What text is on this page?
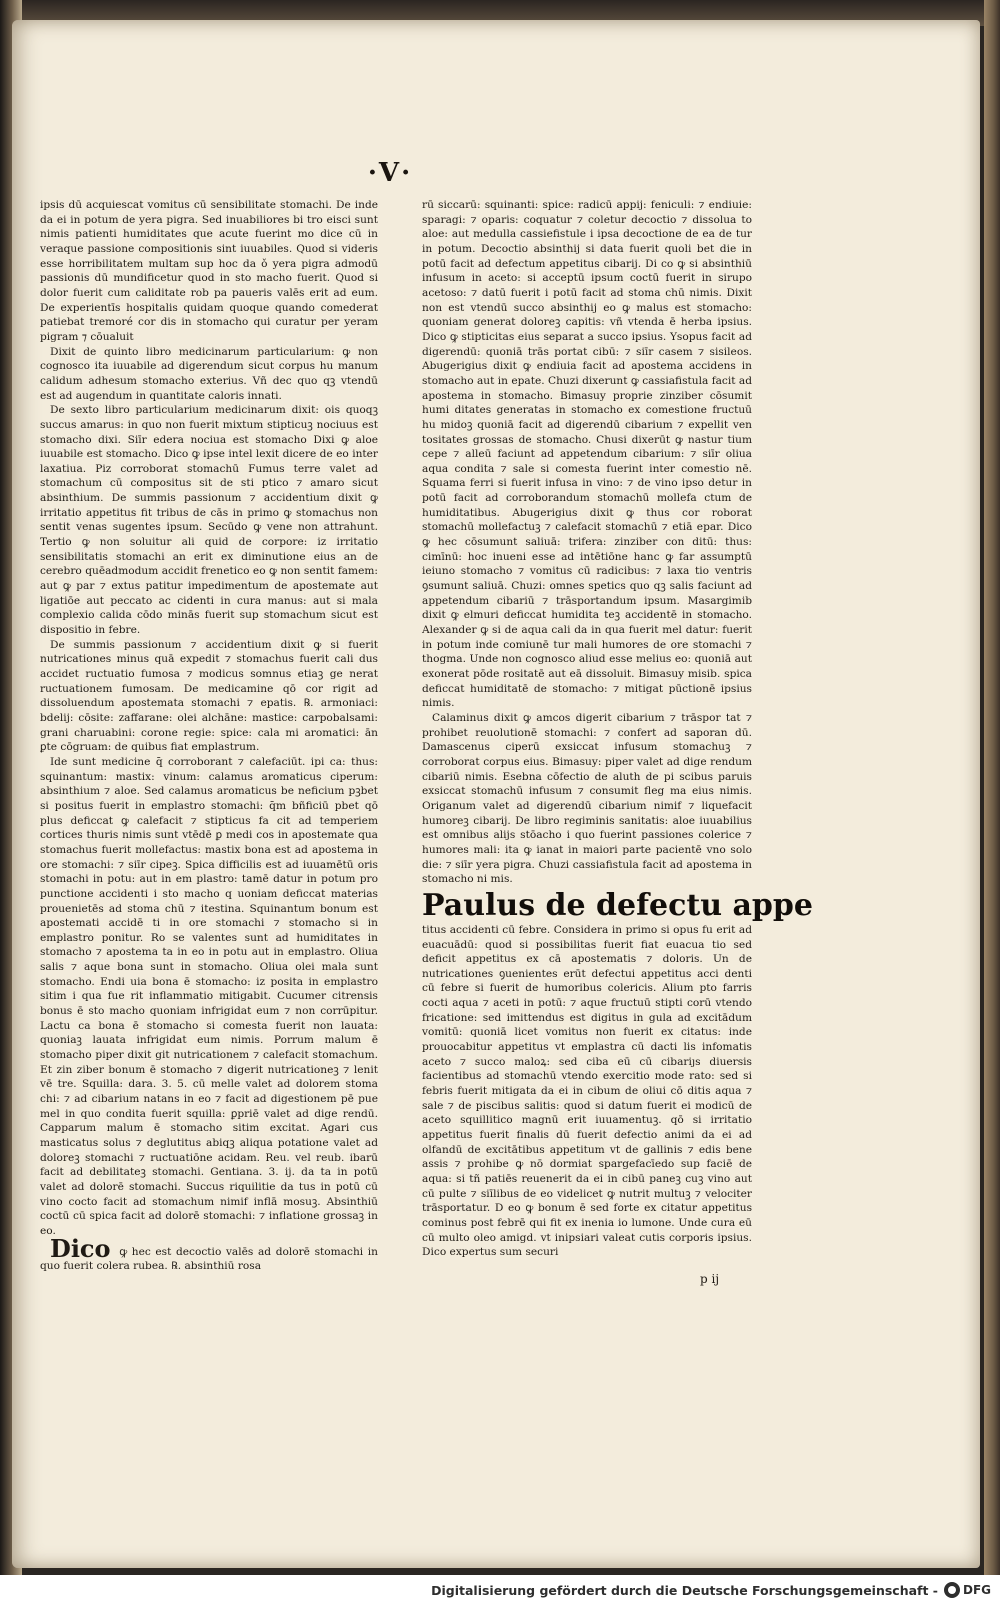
·V·

ipsis dū acquiescat vomitus cū sensibilitate stomachi. De inde da ei in potum de yera pigra. Sed inuabiliores bi tro eisci sunt nimis patienti humiditates que acute fuerint mo dice cū in veraque passione compositionis sint iuuabiles. Quod si videris esse horribilitatem multam sup hoc da ǒ yera pigra admodū passionis dū mundificetur quod in sto macho fuerit. Quod si dolor fuerit cum caliditate rob pa paueris valēs erit ad eum. De experientīs hospitalis quidam quoque quando comederat patiebat tremoré cor dis in stomacho qui curatur per yeram pigram ⁊ cōualuit

Dixit de quinto libro medicinarum particularium: ꝙ non cognosco ita iuuabile ad digerendum sicut corpus hu manum calidum adhesum stomacho exterius. Vñ dec quo qꝫ vtendū est ad augendum in quantitate caloris innati.

De sexto libro particularium medicinarum dixit: ois quoqꝫ succus amarus: in quo non fuerit mixtum stipticuꝫ nociuus est stomacho dixi. Siīr edera nociua est stomacho Dixi ꝙ aloe iuuabile est stomacho. Dico ꝙ ipse intel lexit dicere de eo inter laxatiua. Piz corroborat stomachū Fumus terre valet ad stomachum cū compositus sit de sti ptico ⁊ amaro sicut absinthium. De summis passionum ⁊ accidentium dixit ꝙ irritatio appetitus fit tribus de cās in primo ꝙ stomachus non sentit venas sugentes ipsum. Secūdo ꝙ vene non attrahunt. Tertio ꝙ non soluitur ali quid de corpore: iz irritatio sensibilitatis stomachi an erit ex diminutione eius an de cerebro quēadmodum accidit frenetico eo ꝙ non sentit famem: aut ꝙ par ⁊ extus patitur impedimentum de apostemate aut ligatiōe aut peccato ac cidenti in cura manus: aut si mala complexio calida cōdo minās fuerit sup stomachum sicut est dispositio in febre.

De summis passionum ⁊ accidentium dixit ꝙ si fuerit nutricationes minus quā expedit ⁊ stomachus fuerit cali dus accidet ructuatio fumosa ⁊ modicus somnus etiaꝫ ge nerat ructuationem fumosam. De medicamine qō cor rigit ad dissoluendum apostemata stomachi ⁊ epatis. ℞. armoniaci: bdelij: cōsite: zaffarane: olei alchāne: mastice: carpobalsami: grani charuabini: corone regie: spice: cala mi aromatici: ān ꝑte cōgruam: de quibus fiat emplastrum.

Ide sunt medicine q̄ corroborant ⁊ calefaciūt. ipi ca: thus: squinantum: mastix: vinum: calamus aromaticus ciperum: absinthium ⁊ aloe. Sed calamus aromaticus be neficium pꝫbet si positus fuerit in emplastro stomachi: q̄m bñficiū pbet qō plus deficcat ꝙ calefacit ⁊ stipticus fa cit ad temperiem cortices thuris nimis sunt vtēdē ꝑ medi cos in apostemate qua stomachus fuerit mollefactus: mastix bona est ad apostema in ore stomachi: ⁊ siīr cipeꝫ. Spica difficilis est ad iuuamētū oris stomachi in potu: aut in em plastro: tamē datur in potum pro punctione accidenti i sto macho q uoniam deficcat materias prouenietēs ad stoma chū ⁊ itestina. Squinantum bonum est apostemati accidē ti in ore stomachi ⁊ stomacho si in emplastro ponitur. Ro se valentes sunt ad humiditates in stomacho ⁊ apostema ta in eo in potu aut in emplastro. Oliua salis ⁊ aque bona sunt in stomacho. Oliua olei mala sunt stomacho. Endi uia bona ē stomacho: iz posita in emplastro sitim i qua fue rit inflammatio mitigabit. Cucumer citrensis bonus ē sto macho quoniam infrigidat eum ⁊ non corrūpitur. Lactu ca bona ē stomacho si comesta fuerit non lauata: quoniaꝫ lauata infrigidat eum nimis. Porrum malum ē stomacho piper dixit git nutricationem ⁊ calefacit stomachum. Et zin ziber bonum ē stomacho ⁊ digerit nutricationeꝫ ⁊ lenit vē tre. Squilla: dara. 3. 5. cū melle valet ad dolorem stoma chi: ⁊ ad cibarium natans in eo ⁊ facit ad digestionem pē pue mel in quo condita fuerit squilla: ꝑpriē valet ad dige rendū. Capparum malum ē stomacho sitim excitat. Agari cus masticatus solus ⁊ deglutitus abiqꝫ aliqua potatione valet ad doloreꝫ stomachi ⁊ ructuatiōne acidam. Reu. vel reub. ibarū facit ad debilitateꝫ stomachi. Gentiana. 3. ij. da ta in potū valet ad dolorē stomachi. Succus riquilitie da tus in potū cū vino cocto facit ad stomachum nimif inflā mosuꝫ. Absinthiū coctū cū spica facit ad dolorē stomachi: ⁊ inflatione grossaꝫ in eo.

Dico ꝙ hec est decoctio valēs ad dolorē stomachi in quo fuerit colera rubea. ℞. absinthiū rosa

rū siccarū: squinanti: spice: radicū appij: feniculi: ⁊ endiuie: sparagi: ⁊ oparis: coquatur ⁊ coletur decoctio ⁊ dissolua to aloe: aut medulla cassiefistule i ipsa decoctione de ea de tur in potum. Decoctio absinthij si data fuerit quoli bet die in potū facit ad defectum appetitus cibarij. Di co ꝙ si absinthiū infusum in aceto: si acceptū ipsum coctū fuerit in sirupo acetoso: ⁊ datū fuerit i potū facit ad stoma chū nimis. Dixit non est vtendū succo absinthij eo ꝙ malus est stomacho: quoniam generat doloreꝫ capitis: vñ vtenda ē herba ipsius. Dico ꝙ stipticitas eius separat a succo ipsius. Ysopus facit ad digerendū: quoniā trās portat cibū: ⁊ siīr casem ⁊ sisileos. Abugerigius dixit ꝙ endiuia facit ad apostema accidens in stomacho aut in epate. Chuzi dixerunt ꝙ cassiafistula facit ad apostema in stomacho. Bimasuy proprie zinziber cōsumit humi ditates generatas in stomacho ex comestione fructuū hu midoꝫ quoniā facit ad digerendū cibarium ⁊ expellit ven tositates grossas de stomacho. Chusi dixerūt ꝙ nastur tium cepe ⁊ alleū faciunt ad appetendum cibarium: ⁊ siīr oliua aqua condita ⁊ sale si comesta fuerint inter comestio nē. Squama ferri si fuerit infusa in vino: ⁊ de vino ipso detur in potū facit ad corroborandum stomachū mollefa ctum de humiditatibus. Abugerigius dixit ꝙ thus cor roborat stomachū mollefactuꝫ ⁊ calefacit stomachū ⁊ etiā epar. Dico ꝙ hec cōsumunt saliuā: trifera: zinziber con ditū: thus: cimīnū: hoc inueni esse ad intētiōne hanc ꝙ far assumptū ieiuno stomacho ⁊ vomitus cū radicibus: ⁊ laxa tio ventris ꝯsumunt saliuā. Chuzi: omnes spetics quo qꝫ salis faciunt ad appetendum cibariū ⁊ trāsportandum ipsum. Masargimib dixit ꝙ elmuri deficcat humidita teꝫ accidentē in stomacho. Alexander ꝙ si de aqua cali da in qua fuerit mel datur: fuerit in potum inde comiunē tur mali humores de ore stomachi ⁊ thogma. Unde non cognosco aliud esse melius eo: quoniā aut exonerat pōde rositatē aut eā dissoluit. Bimasuy misib. spica deficcat humiditatē de stomacho: ⁊ mitigat pūctionē ipsius nimis.

Calaminus dixit ꝙ amcos digerit cibarium ⁊ trāspor tat ⁊ prohibet reuolutionē stomachi: ⁊ confert ad saporan dū. Damascenus ciperū exsiccat infusum stomachuꝫ ⁊ corroborat corpus eius. Bimasuy: piper valet ad dige rendum cibariū nimis. Esebna cōfectio de aluth de pi scibus paruis exsiccat stomachū infusum ⁊ consumit fleg ma eius nimis. Origanum valet ad digerendū cibarium nimif ⁊ liquefacit humoreꝫ cibarij. De libro regiminis sanitatis: aloe iuuabilius est omnibus alijs stōacho i quo fuerint passiones colerice ⁊ humores mali: ita ꝙ ianat in maiori parte pacientē vno solo die: ⁊ siīr yera pigra. Chuzi cassiafistula facit ad apostema in stomacho ni mis.

Paulus de defectu appe

titus accidenti cū febre. Considera in primo si opus fu erit ad euacuādū: quod si possibilitas fuerit fiat euacua tio sed deficit appetitus ex cā apostematis ⁊ doloris. Un de nutricationes ꝯuenientes erūt defectui appetitus acci denti cū febre si fuerit de humoribus colericis. Alium pto farris cocti aqua ⁊ aceti in potū: ⁊ aque fructuū stipti corū vtendo fricatione: sed imittendus est digitus in gula ad excitādum vomitū: quoniā licet vomitus non fuerit ex citatus: inde prouocabitur appetitus vt emplastra cū dacti lis infomatis aceto ⁊ succo maloꝝ: sed ciba eū cū cibariȷs diuersis facientibus ad stomachū vtendo exercitio mode rato: sed si febris fuerit mitigata da ei in cibum de oliui cō ditis aqua ⁊ sale ⁊ de piscibus salitis: quod si datum fuerit ei modicū de aceto squillitico magnū erit iuuamentuꝫ. qō si irritatio appetitus fuerit finalis dū fuerit defectio animi da ei ad olfandū de excitātibus appetitum vt de gallinis ⁊ edis bene assis ⁊ prohibe ꝙ nō dormiat spargefacīedo sup faciē de aqua: si tñ patiēs reuenerit da ei in cibū paneꝫ cuꝫ vino aut cū pulte ⁊ siīlibus de eo videlicet ꝙ nutrit multuꝫ ⁊ velociter trāsportatur. D eo ꝙ bonum ē sed forte ex citatur appetitus cominus post febrē qui fit ex inenia io lumone. Unde cura eū cū multo oleo amigd. vt inipsiari valeat cutis corporis ipsius. Dico expertus sum securi

p ij
Digitalisierung gefördert durch die Deutsche Forschungsgemeinschaft - DFG
